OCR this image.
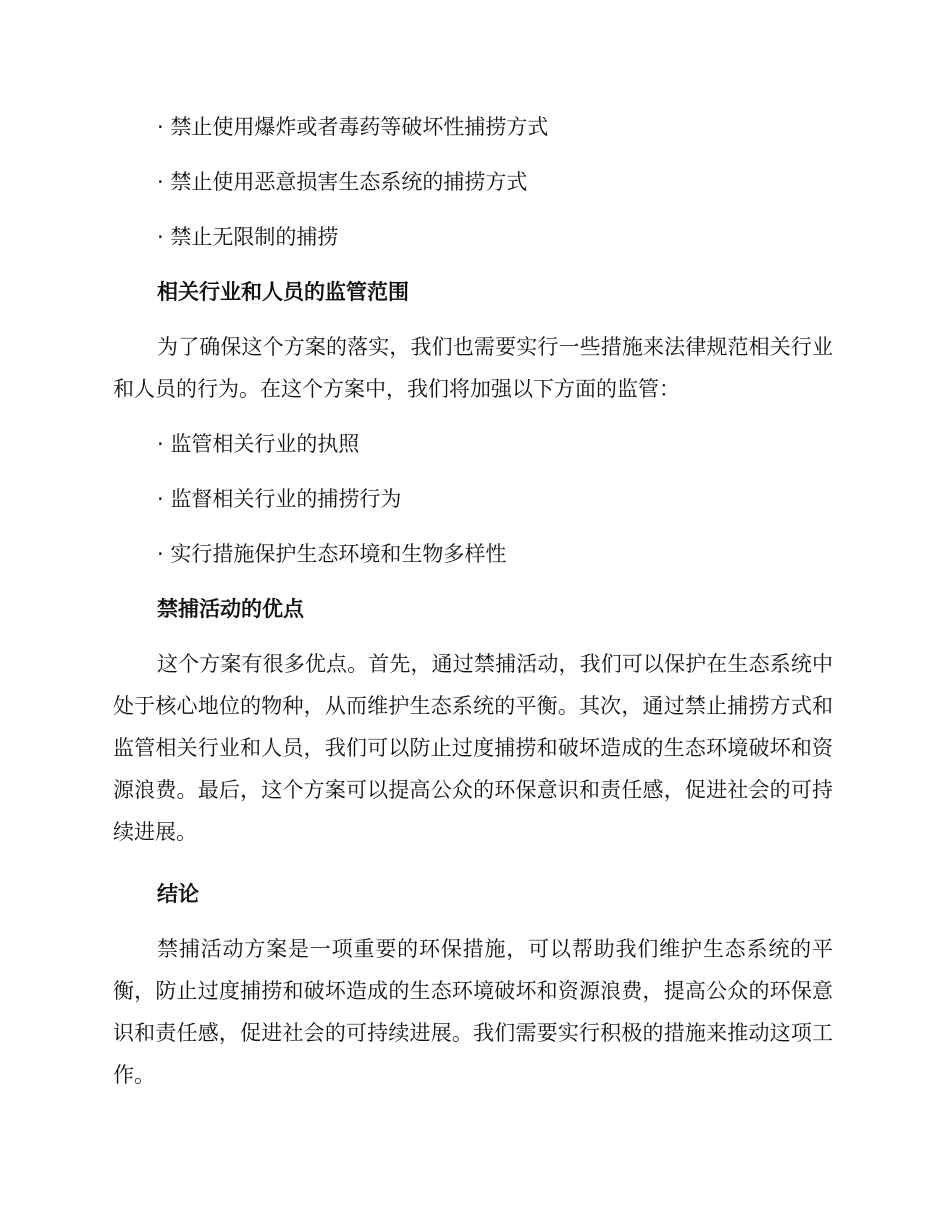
· 禁止使用爆炸或者毒药等破坏性捕捞方式
· 禁止使用恶意损害生态系统的捕捞方式
· 禁止无限制的捕捞
相关行业和人员的监管范围
为了确保这个方案的落实，我们也需要实行一些措施来法律规范相关行业和人员的行为。在这个方案中，我们将加强以下方面的监管：
· 监管相关行业的执照
· 监督相关行业的捕捞行为
· 实行措施保护生态环境和生物多样性
禁捕活动的优点
这个方案有很多优点。首先，通过禁捕活动，我们可以保护在生态系统中处于核心地位的物种，从而维护生态系统的平衡。其次，通过禁止捕捞方式和监管相关行业和人员，我们可以防止过度捕捞和破坏造成的生态环境破坏和资源浪费。最后，这个方案可以提高公众的环保意识和责任感，促进社会的可持续进展。
结论
禁捕活动方案是一项重要的环保措施，可以帮助我们维护生态系统的平衡，防止过度捕捞和破坏造成的生态环境破坏和资源浪费，提高公众的环保意识和责任感，促进社会的可持续进展。我们需要实行积极的措施来推动这项工作。
